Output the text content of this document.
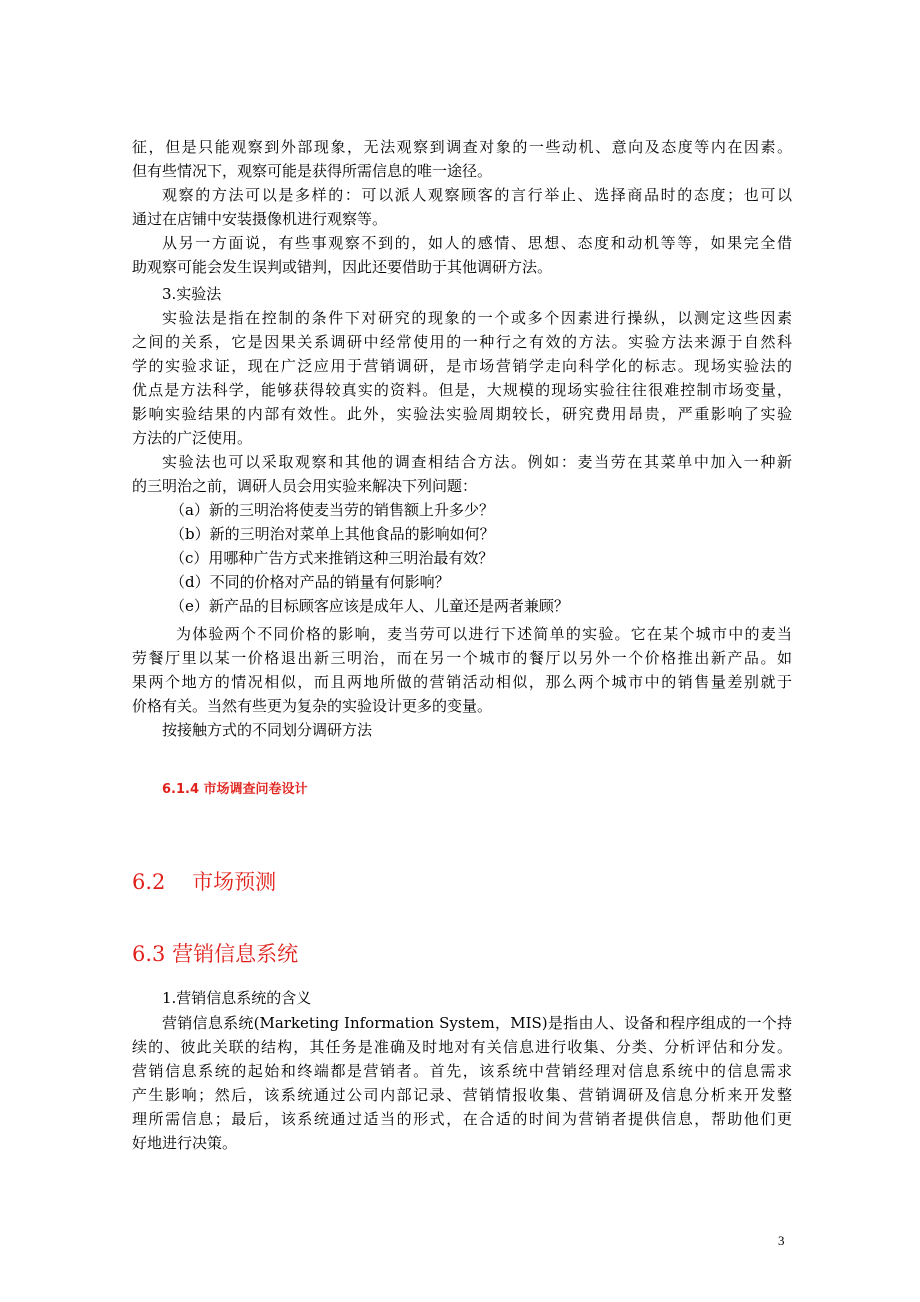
征，但是只能观察到外部现象，无法观察到调查对象的一些动机、意向及态度等内在因素。
但有些情况下，观察可能是获得所需信息的唯一途径。
观察的方法可以是多样的：可以派人观察顾客的言行举止、选择商品时的态度；也可以
通过在店铺中安装摄像机进行观察等。
从另一方面说，有些事观察不到的，如人的感情、思想、态度和动机等等，如果完全借
助观察可能会发生误判或错判，因此还要借助于其他调研方法。
3.实验法
实验法是指在控制的条件下对研究的现象的一个或多个因素进行操纵，以测定这些因素
之间的关系，它是因果关系调研中经常使用的一种行之有效的方法。实验方法来源于自然科
学的实验求证，现在广泛应用于营销调研，是市场营销学走向科学化的标志。现场实验法的
优点是方法科学，能够获得较真实的资料。但是，大规模的现场实验往往很难控制市场变量，
影响实验结果的内部有效性。此外，实验法实验周期较长，研究费用昂贵，严重影响了实验
方法的广泛使用。
实验法也可以采取观察和其他的调查相结合方法。例如：麦当劳在其菜单中加入一种新
的三明治之前，调研人员会用实验来解决下列问题：
（a）新的三明治将使麦当劳的销售额上升多少？
（b）新的三明治对菜单上其他食品的影响如何？
（c）用哪种广告方式来推销这种三明治最有效？
（d）不同的价格对产品的销量有何影响？
（e）新产品的目标顾客应该是成年人、儿童还是两者兼顾？
为体验两个不同价格的影响，麦当劳可以进行下述简单的实验。它在某个城市中的麦当
劳餐厅里以某一价格退出新三明治，而在另一个城市的餐厅以另外一个价格推出新产品。如
果两个地方的情况相似，而且两地所做的营销活动相似，那么两个城市中的销售量差别就于
价格有关。当然有些更为复杂的实验设计更多的变量。
按接触方式的不同划分调研方法
6.1.4 市场调查问卷设计
6.2    市场预测
6.3 营销信息系统
1.营销信息系统的含义
营销信息系统(Marketing Information System，MIS)是指由人、设备和程序组成的一个持
续的、彼此关联的结构，其任务是准确及时地对有关信息进行收集、分类、分析评估和分发。
营销信息系统的起始和终端都是营销者。首先，该系统中营销经理对信息系统中的信息需求
产生影响；然后，该系统通过公司内部记录、营销情报收集、营销调研及信息分析来开发整
理所需信息；最后，该系统通过适当的形式，在合适的时间为营销者提供信息，帮助他们更
好地进行决策。
3
